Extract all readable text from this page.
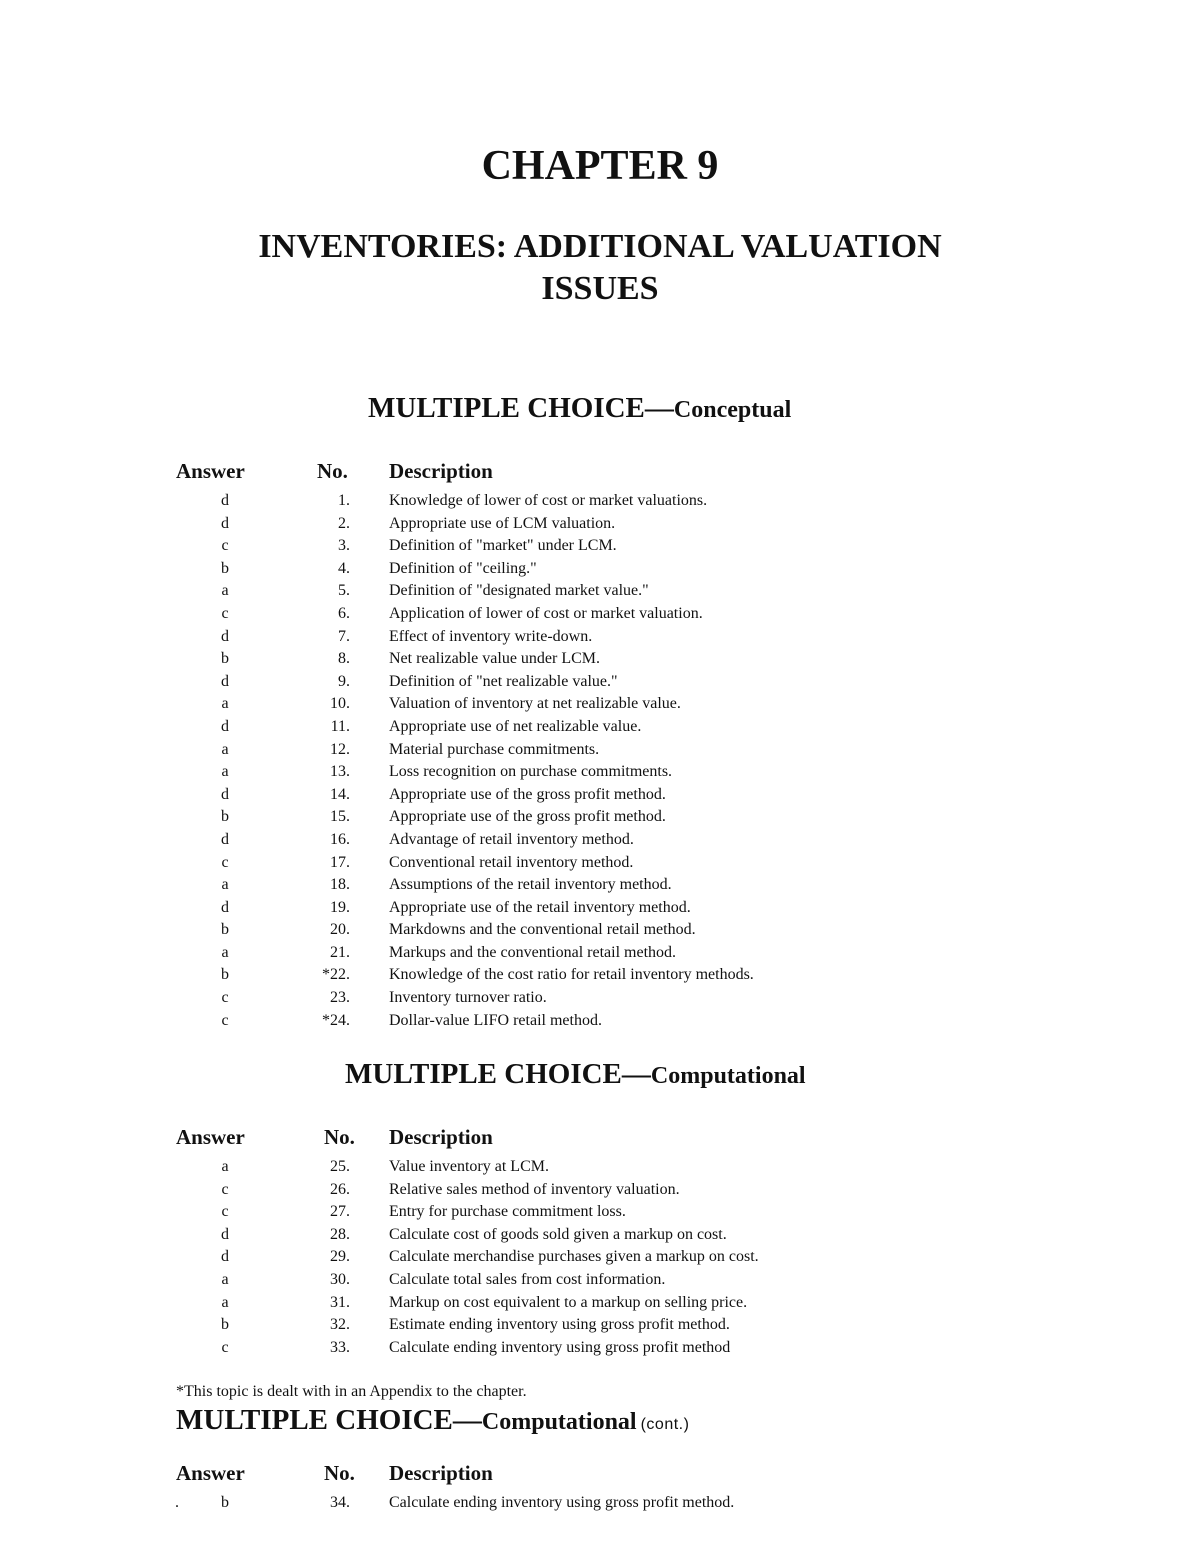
CHAPTER 9
INVENTORIES: ADDITIONAL VALUATION
ISSUES
MULTIPLE CHOICE—Conceptual
Answer	No. Description
d	1. Knowledge of lower of cost or market valuations.
d	2. Appropriate use of LCM valuation.
c	3. Definition of "market" under LCM.
b	4. Definition of "ceiling."
a	5. Definition of "designated market value."
c	6. Application of lower of cost or market valuation.
d	7. Effect of inventory write-down.
b	8. Net realizable value under LCM.
d	9. Definition of "net realizable value."
a	10. Valuation of inventory at net realizable value.
d	11. Appropriate use of net realizable value.
a	12. Material purchase commitments.
a	13. Loss recognition on purchase commitments.
d	14. Appropriate use of the gross profit method.
b	15. Appropriate use of the gross profit method.
d	16. Advantage of retail inventory method.
c	17. Conventional retail inventory method.
a	18. Assumptions of the retail inventory method.
d	19. Appropriate use of the retail inventory method.
b	20. Markdowns and the conventional retail method.
a	21. Markups and the conventional retail method.
b	*22. Knowledge of the cost ratio for retail inventory methods.
c	23. Inventory turnover ratio.
c	*24. Dollar-value LIFO retail method.
MULTIPLE CHOICE—Computational
Answer	No. Description
a	25. Value inventory at LCM.
c	26. Relative sales method of inventory valuation.
c	27. Entry for purchase commitment loss.
d	28. Calculate cost of goods sold given a markup on cost.
d	29. Calculate merchandise purchases given a markup on cost.
a	30. Calculate total sales from cost information.
a	31. Markup on cost equivalent to a markup on selling price.
b	32. Estimate ending inventory using gross profit method.
c	33. Calculate ending inventory using gross profit method
*This topic is dealt with in an Appendix to the chapter.
MULTIPLE CHOICE—Computational (cont.)
Answer	No. Description
.	b	34. Calculate ending inventory using gross profit method.
